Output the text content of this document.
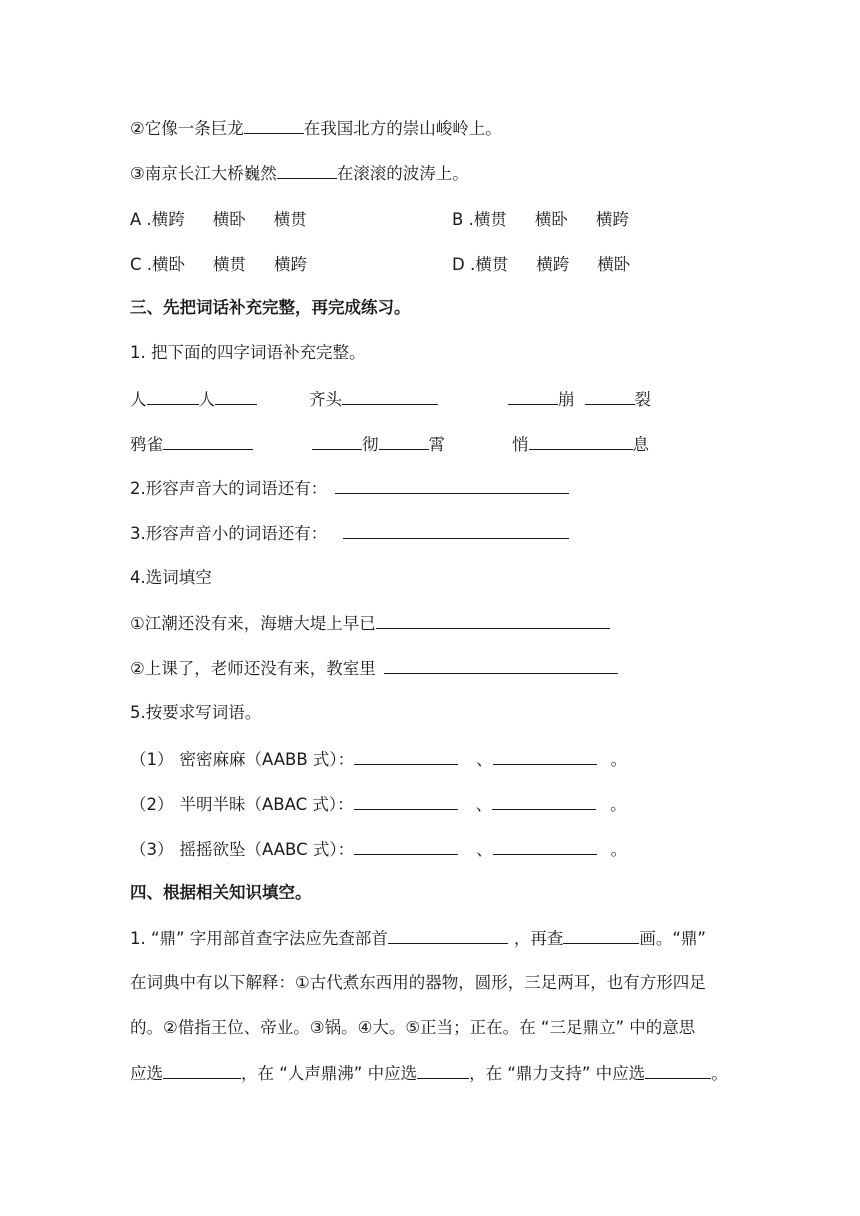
②它像一条巨龙	在我国北方的崇山峻岭上。
③南京长江大桥巍然	在滚滚的波涛上。
A .横跨 横卧 横贯	B .横贯 横卧 横跨
C .横卧 横贯 横跨	D .横贯 横跨 横卧
三、先把词话补充完整，再完成练习。
1. 把下面的四字词语补充完整。
人	人	齐头	崩	裂
鸦雀	彻	霄	悄	息
2.形容声音大的词语还有：
3.形容声音小的词语还有：
4.选词填空
①江潮还没有来，海塘大堤上早已
②上课了，老师还没有来，教室里
5.按要求写词语。
（1） 密密麻麻（AABB 式）：	、	。
（2） 半明半昧（ABAC 式）：	、	。
（3） 摇摇欲坠（AABC 式）：	、	。
四、根据相关知识填空。
1. “鼎” 字用部首查字法应先查部首	，再查	画。“鼎”
在词典中有以下解释：①古代煮东西用的器物，圆形，三足两耳，也有方形四足
的。②借指王位、帝业。③锅。④大。⑤正当；正在。在 “三足鼎立” 中的意思
应选	，在 “人声鼎沸” 中应选	，在 “鼎力支持” 中应选	。
